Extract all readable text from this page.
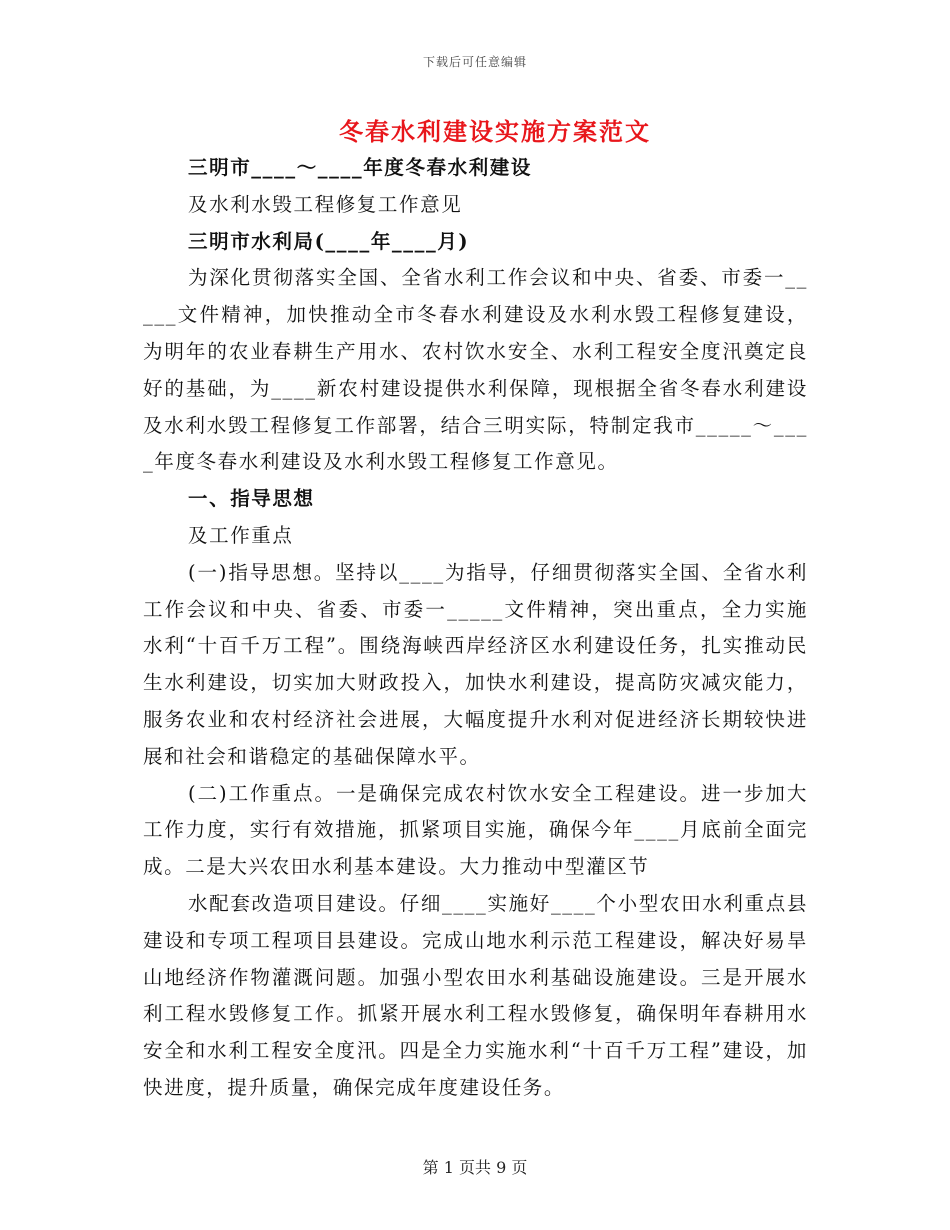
下载后可任意编辑
冬春水利建设实施方案范文

三明市____～____年度冬春水利建设

及水利水毁工程修复工作意见

三明市水利局(____年____月)

为深化贯彻落实全国、全省水利工作会议和中央、省委、市委一_____文件精神，加快推动全市冬春水利建设及水利水毁工程修复建设，为明年的农业春耕生产用水、农村饮水安全、水利工程安全度汛奠定良好的基础，为____新农村建设提供水利保障，现根据全省冬春水利建设及水利水毁工程修复工作部署，结合三明实际，特制定我市_____～____年度冬春水利建设及水利水毁工程修复工作意见。

一、指导思想

及工作重点

(一)指导思想。坚持以____为指导，仔细贯彻落实全国、全省水利工作会议和中央、省委、市委一_____文件精神，突出重点，全力实施水利“十百千万工程”。围绕海峡西岸经济区水利建设任务，扎实推动民生水利建设，切实加大财政投入，加快水利建设，提高防灾减灾能力，服务农业和农村经济社会进展，大幅度提升水利对促进经济长期较快进展和社会和谐稳定的基础保障水平。

(二)工作重点。一是确保完成农村饮水安全工程建设。进一步加大工作力度，实行有效措施，抓紧项目实施，确保今年____月底前全面完成。二是大兴农田水利基本建设。大力推动中型灌区节

水配套改造项目建设。仔细____实施好____个小型农田水利重点县建设和专项工程项目县建设。完成山地水利示范工程建设，解决好易旱山地经济作物灌溉问题。加强小型农田水利基础设施建设。三是开展水利工程水毁修复工作。抓紧开展水利工程水毁修复，确保明年春耕用水安全和水利工程安全度汛。四是全力实施水利“十百千万工程”建设，加快进度，提升质量，确保完成年度建设任务。

第 1 页共 9 页
